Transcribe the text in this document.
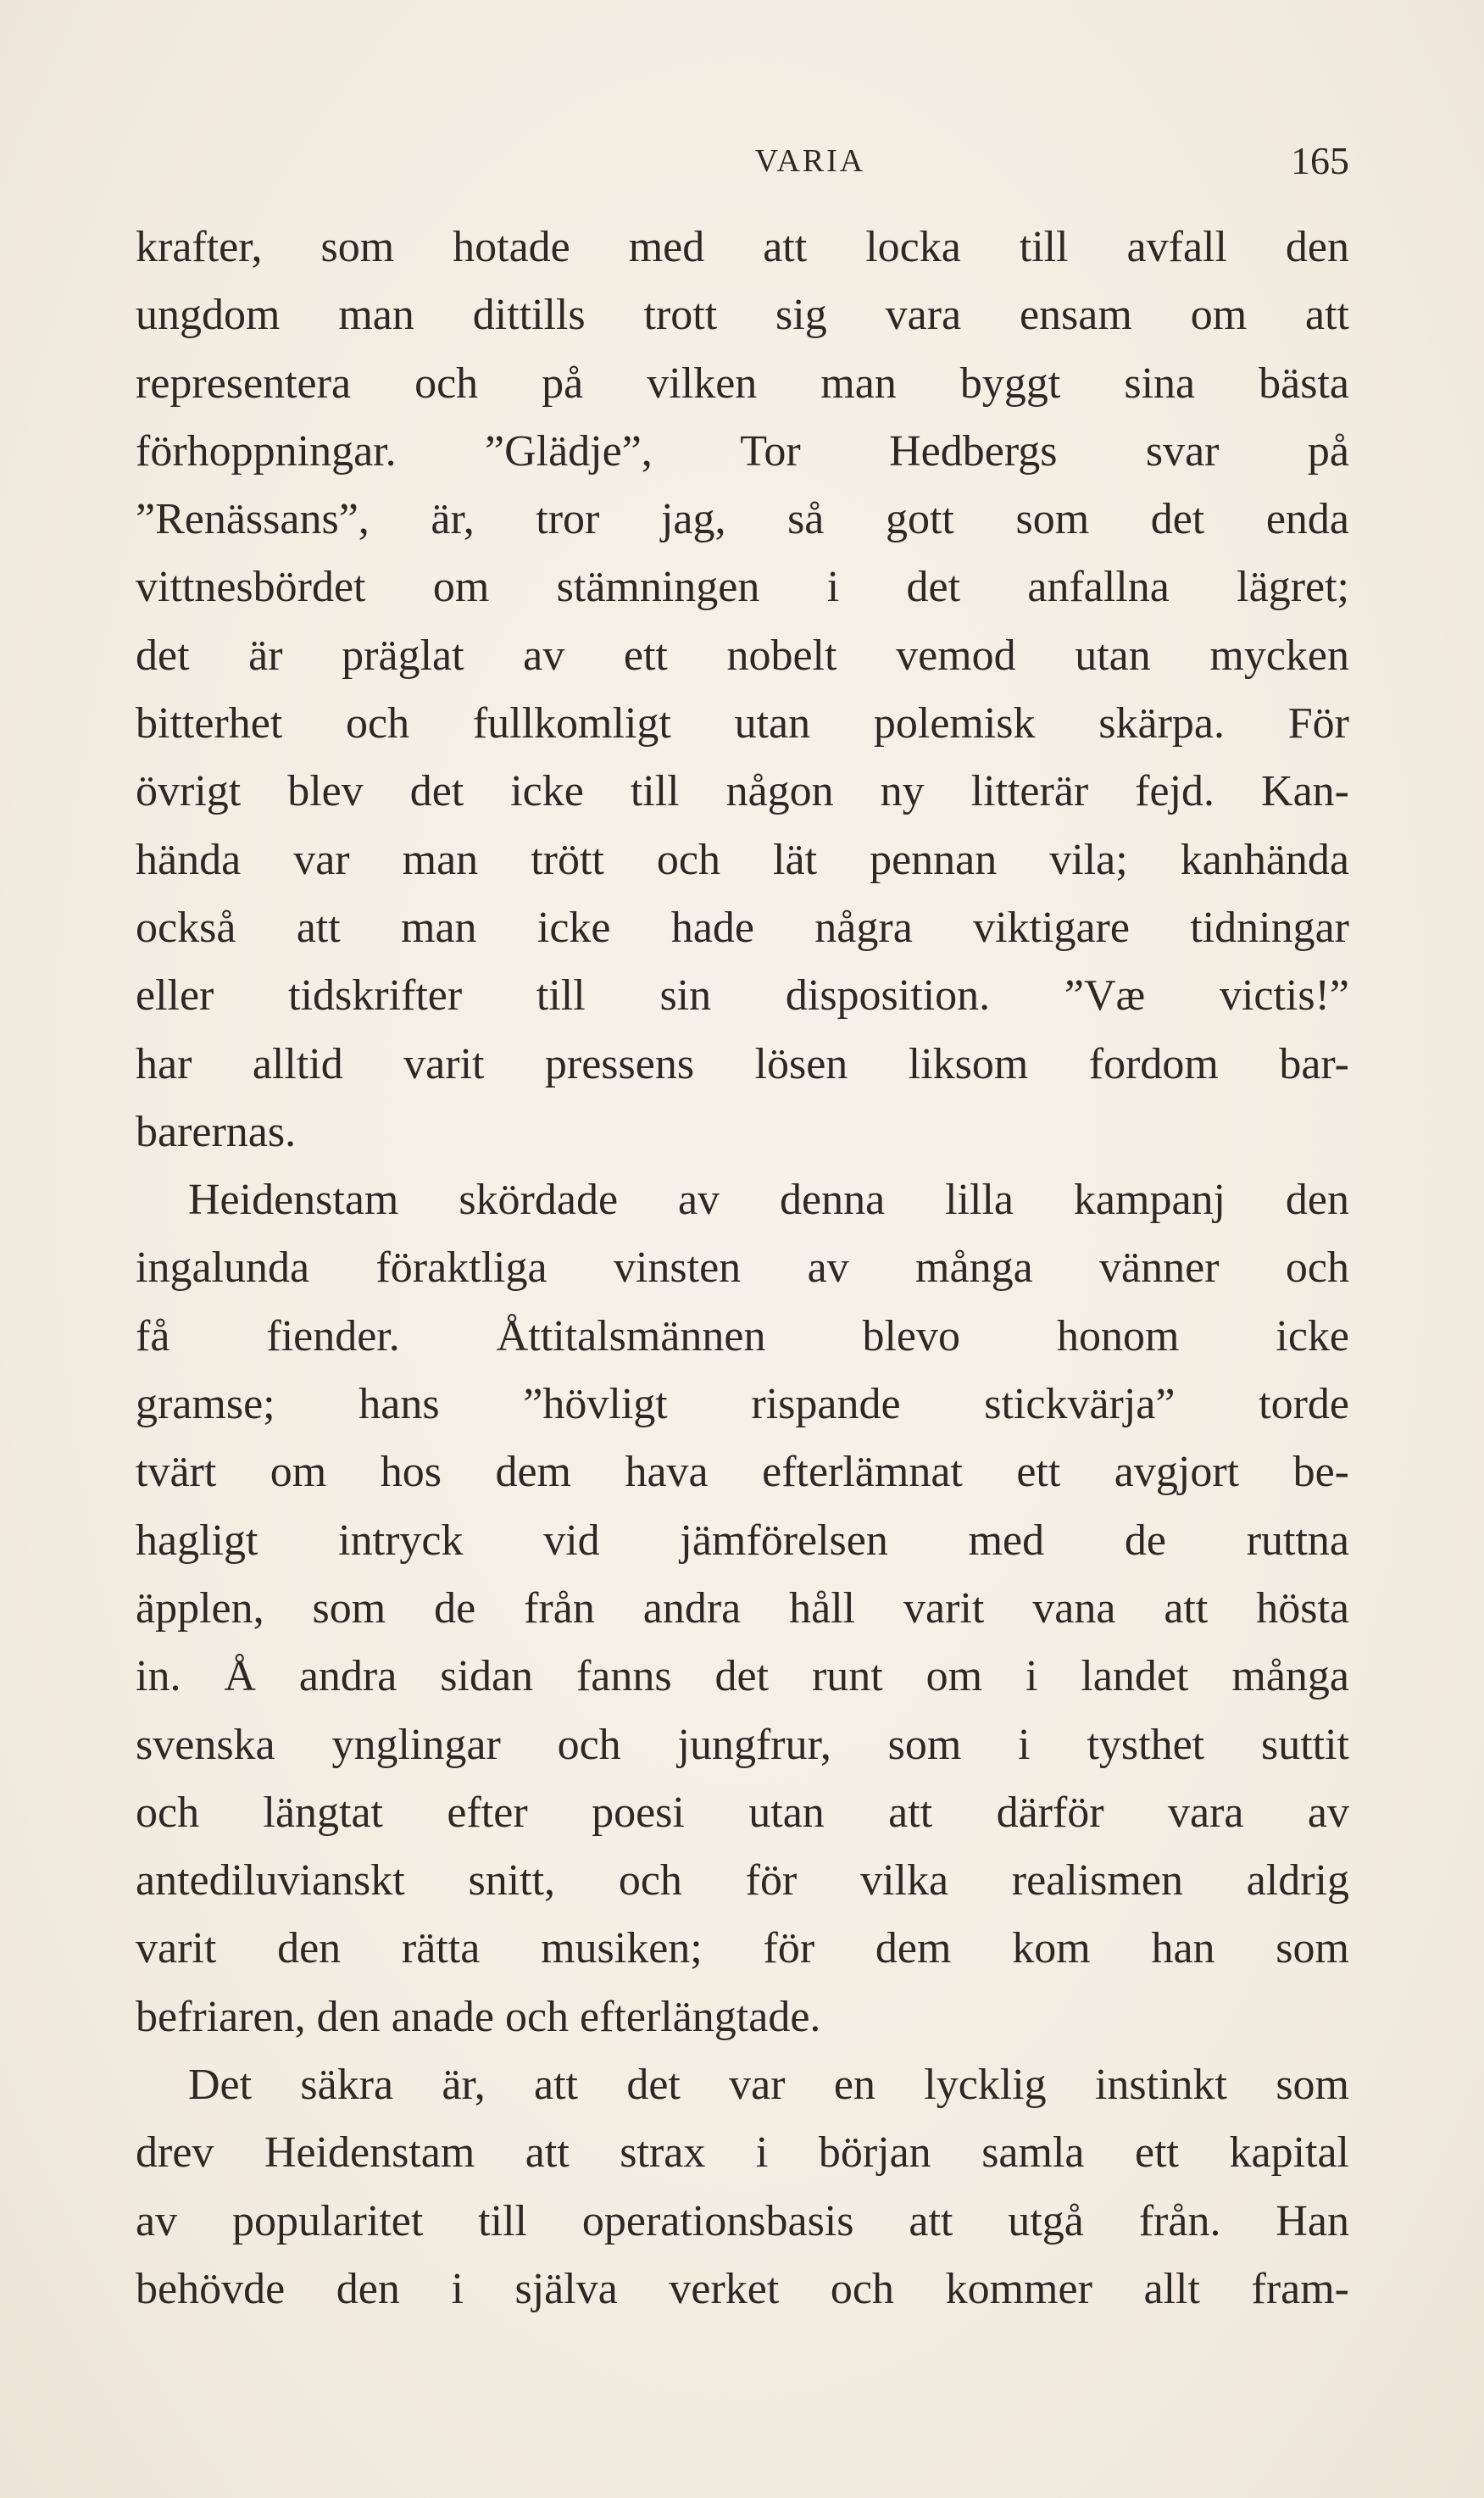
VARIA	165
krafter, som hotade med att locka till avfall den
ungdom man dittills trott sig vara ensam om att
representera och på vilken man byggt sina bästa
förhoppningar. ”Glädje”, Tor Hedbergs svar på
”Renässans”, är, tror jag, så gott som det enda
vittnesbördet om stämningen i det anfallna lägret;
det är präglat av ett nobelt vemod utan mycken
bitterhet och fullkomligt utan polemisk skärpa. För
övrigt blev det icke till någon ny litterär fejd. Kan-
hända var man trött och lät pennan vila; kanhända
också att man icke hade några viktigare tidningar
eller tidskrifter till sin disposition. ”Væ victis!”
har alltid varit pressens lösen liksom fordom bar-
barernas.
Heidenstam skördade av denna lilla kampanj den
ingalunda föraktliga vinsten av många vänner och
få fiender. Åttitalsmännen blevo honom icke
gramse; hans ”hövligt rispande stickvärja” torde
tvärt om hos dem hava efterlämnat ett avgjort be-
hagligt intryck vid jämförelsen med de ruttna
äpplen, som de från andra håll varit vana att hösta
in. Å andra sidan fanns det runt om i landet många
svenska ynglingar och jungfrur, som i tysthet suttit
och längtat efter poesi utan att därför vara av
antediluvianskt snitt, och för vilka realismen aldrig
varit den rätta musiken; för dem kom han som
befriaren, den anade och efterlängtade.
Det säkra är, att det var en lycklig instinkt som
drev Heidenstam att strax i början samla ett kapital
av popularitet till operationsbasis att utgå från. Han
behövde den i själva verket och kommer allt fram-
